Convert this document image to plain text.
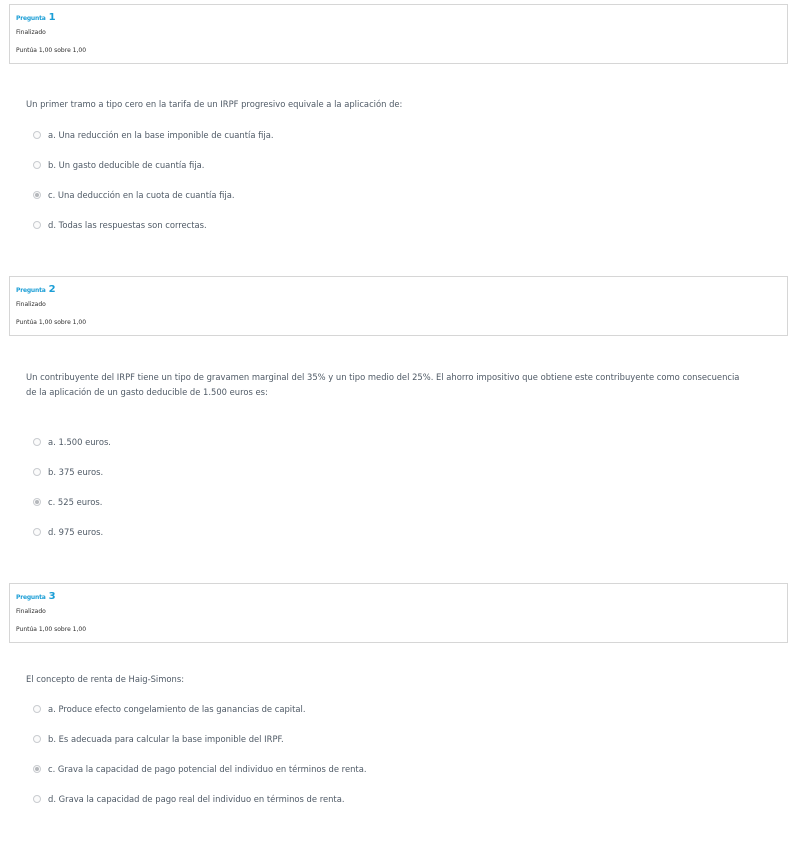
Pregunta 1
Finalizado
Puntúa 1,00 sobre 1,00
Un primer tramo a tipo cero en la tarifa de un IRPF progresivo equivale a la aplicación de:
a. Una reducción en la base imponible de cuantía fija.
b. Un gasto deducible de cuantía fija.
c. Una deducción en la cuota de cuantía fija.
d. Todas las respuestas son correctas.
Pregunta 2
Finalizado
Puntúa 1,00 sobre 1,00
Un contribuyente del IRPF tiene un tipo de gravamen marginal del 35% y un tipo medio del 25%. El ahorro impositivo que obtiene este contribuyente como consecuencia de la aplicación de un gasto deducible de 1.500 euros es:
a. 1.500 euros.
b. 375 euros.
c. 525 euros.
d. 975 euros.
Pregunta 3
Finalizado
Puntúa 1,00 sobre 1,00
El concepto de renta de Haig-Simons:
a. Produce efecto congelamiento de las ganancias de capital.
b. Es adecuada para calcular la base imponible del IRPF.
c. Grava la capacidad de pago potencial del individuo en términos de renta.
d. Grava la capacidad de pago real del individuo en términos de renta.
